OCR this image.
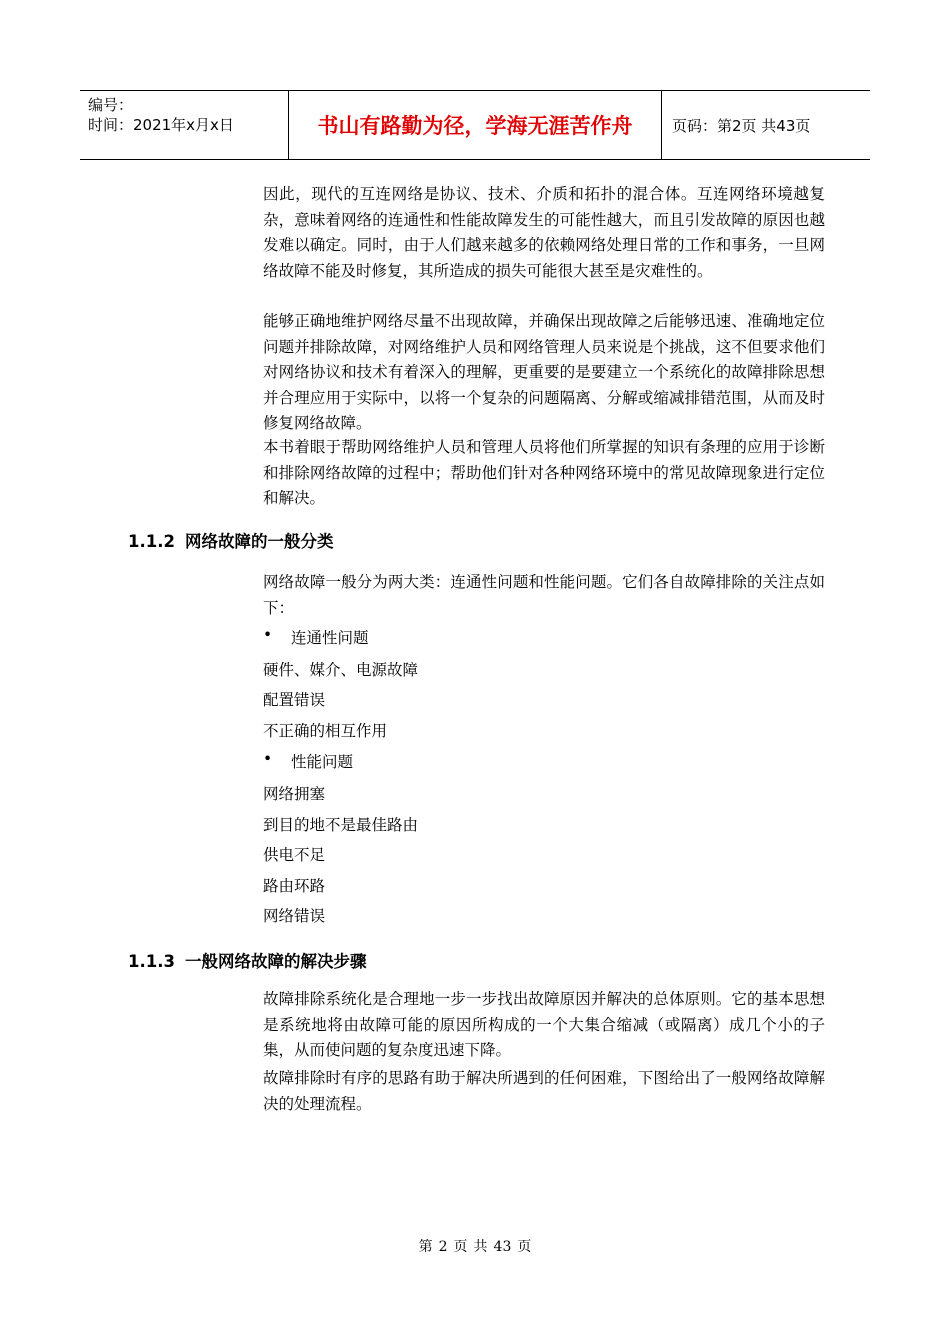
编号：
时间：2021年x月x日	书山有路勤为径，学海无涯苦作舟	页码：第2页 共43页

因此，现代的互连网络是协议、技术、介质和拓扑的混合体。互连网络环境越复杂，意味着网络的连通性和性能故障发生的可能性越大，而且引发故障的原因也越发难以确定。同时，由于人们越来越多的依赖网络处理日常的工作和事务，一旦网络故障不能及时修复，其所造成的损失可能很大甚至是灾难性的。

能够正确地维护网络尽量不出现故障，并确保出现故障之后能够迅速、准确地定位问题并排除故障，对网络维护人员和网络管理人员来说是个挑战，这不但要求他们对网络协议和技术有着深入的理解，更重要的是要建立一个系统化的故障排除思想并合理应用于实际中，以将一个复杂的问题隔离、分解或缩减排错范围，从而及时修复网络故障。

本书着眼于帮助网络维护人员和管理人员将他们所掌握的知识有条理的应用于诊断和排除网络故障的过程中；帮助他们针对各种网络环境中的常见故障现象进行定位和解决。

1.1.2 网络故障的一般分类

网络故障一般分为两大类：连通性问题和性能问题。它们各自故障排除的关注点如下：

•	连通性问题

硬件、媒介、电源故障

配置错误

不正确的相互作用

•	性能问题

网络拥塞

到目的地不是最佳路由

供电不足

路由环路

网络错误

1.1.3 一般网络故障的解决步骤

故障排除系统化是合理地一步一步找出故障原因并解决的总体原则。它的基本思想是系统地将由故障可能的原因所构成的一个大集合缩减（或隔离）成几个小的子集，从而使问题的复杂度迅速下降。

故障排除时有序的思路有助于解决所遇到的任何困难，下图给出了一般网络故障解决的处理流程。

第 2 页 共 43 页
